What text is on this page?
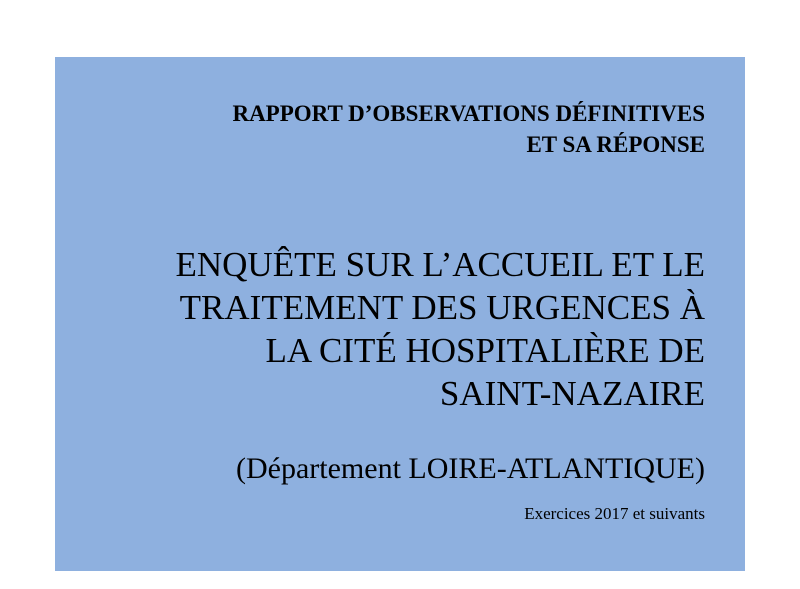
RAPPORT D’OBSERVATIONS DÉFINITIVES
ET SA RÉPONSE
ENQUÊTE SUR L’ACCUEIL ET LE
TRAITEMENT DES URGENCES À
LA CITÉ HOSPITALIÈRE DE
SAINT-NAZAIRE

(Département LOIRE-ATLANTIQUE)

Exercices 2017 et suivants
